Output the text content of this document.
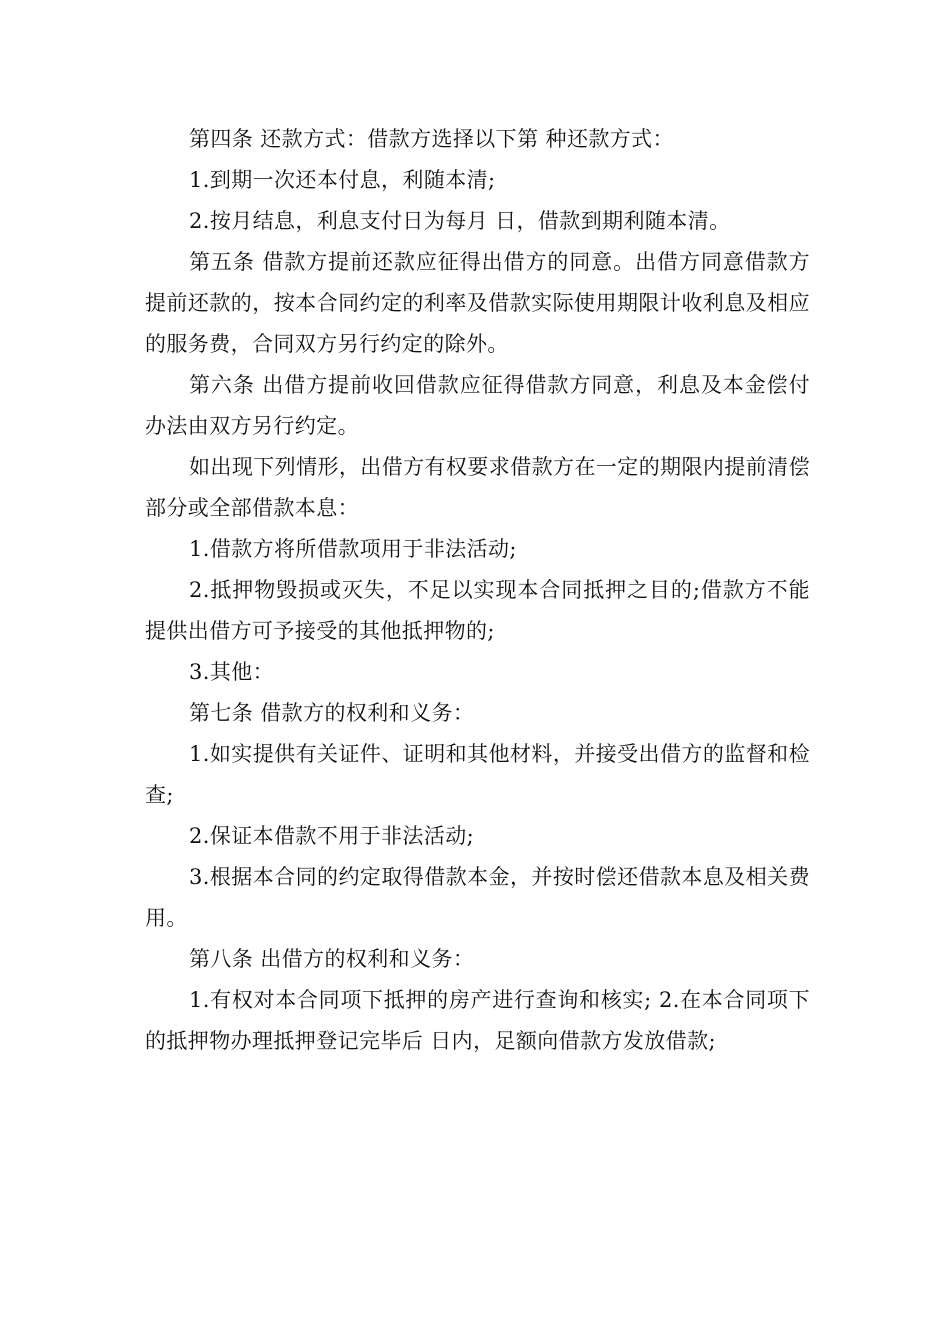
第四条 还款方式：借款方选择以下第 种还款方式：

1.到期一次还本付息，利随本清;

2.按月结息，利息支付日为每月 日，借款到期利随本清。

第五条 借款方提前还款应征得出借方的同意。出借方同意借款方提前还款的，按本合同约定的利率及借款实际使用期限计收利息及相应的服务费，合同双方另行约定的除外。

第六条 出借方提前收回借款应征得借款方同意，利息及本金偿付办法由双方另行约定。

如出现下列情形，出借方有权要求借款方在一定的期限内提前清偿部分或全部借款本息：

1.借款方将所借款项用于非法活动;

2.抵押物毁损或灭失，不足以实现本合同抵押之目的;借款方不能提供出借方可予接受的其他抵押物的;

3.其他：

第七条 借款方的权利和义务：

1.如实提供有关证件、证明和其他材料，并接受出借方的监督和检查;

2.保证本借款不用于非法活动;

3.根据本合同的约定取得借款本金，并按时偿还借款本息及相关费用。

第八条 出借方的权利和义务：

1.有权对本合同项下抵押的房产进行查询和核实; 2.在本合同项下的抵押物办理抵押登记完毕后 日内，足额向借款方发放借款;
